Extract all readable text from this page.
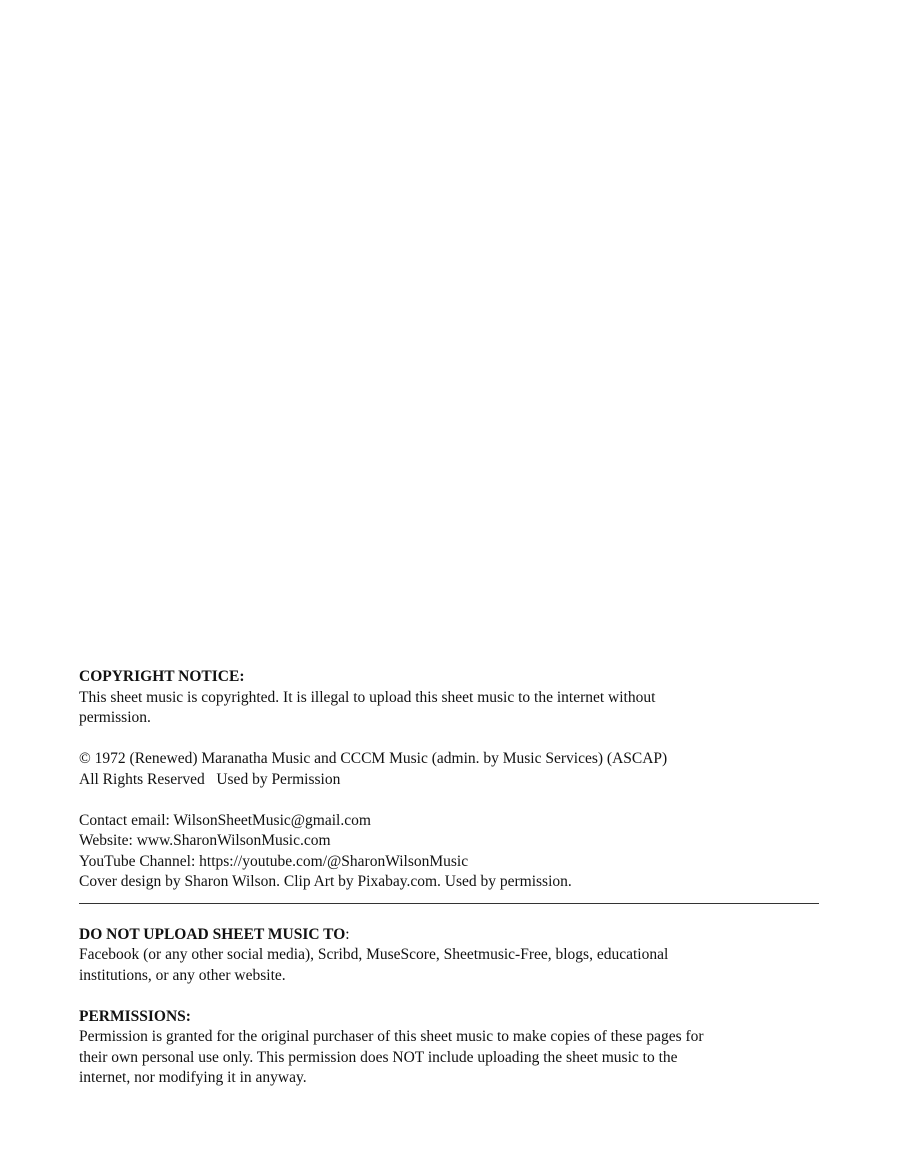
COPYRIGHT NOTICE:
This sheet music is copyrighted. It is illegal to upload this sheet music to the internet without
permission.
© 1972 (Renewed) Maranatha Music and CCCM Music (admin. by Music Services) (ASCAP)
All Rights Reserved   Used by Permission
Contact email: WilsonSheetMusic@gmail.com
Website: www.SharonWilsonMusic.com
YouTube Channel: https://youtube.com/@SharonWilsonMusic
Cover design by Sharon Wilson. Clip Art by Pixabay.com. Used by permission.
DO NOT UPLOAD SHEET MUSIC TO:
Facebook (or any other social media), Scribd, MuseScore, Sheetmusic-Free, blogs, educational
institutions, or any other website.
PERMISSIONS:
Permission is granted for the original purchaser of this sheet music to make copies of these pages for
their own personal use only. This permission does NOT include uploading the sheet music to the
internet, nor modifying it in anyway.
